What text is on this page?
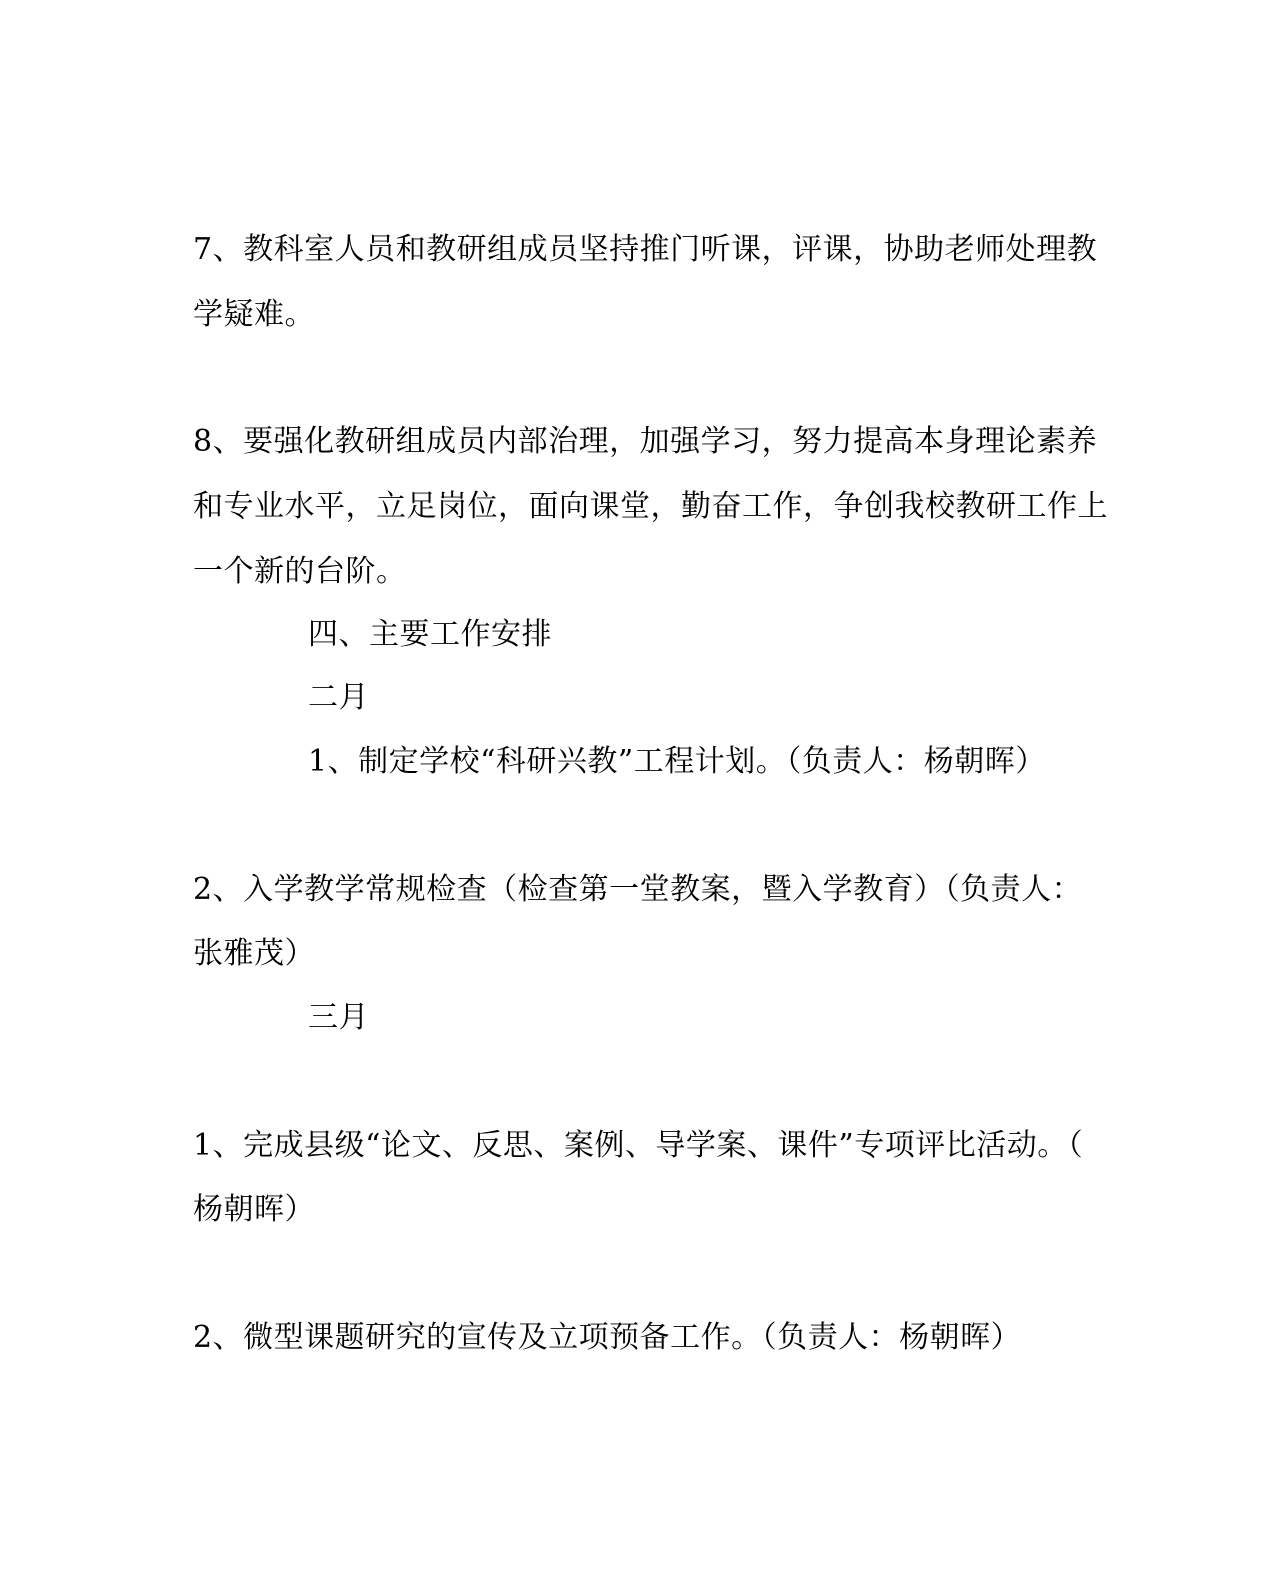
7、教科室人员和教研组成员坚持推门听课，评课，协助老师处理教
学疑难。
8、要强化教研组成员内部治理，加强学习，努力提高本身理论素养
和专业水平，立足岗位，面向课堂，勤奋工作，争创我校教研工作上
一个新的台阶。
四、主要工作安排
二月
1、制定学校“科研兴教”工程计划。（负责人：杨朝晖）
2、入学教学常规检查（检查第一堂教案，暨入学教育）（负责人：
张雅茂）
三月
1、完成县级“论文、反思、案例、导学案、课件”专项评比活动。（
杨朝晖）
2、微型课题研究的宣传及立项预备工作。（负责人：杨朝晖）
